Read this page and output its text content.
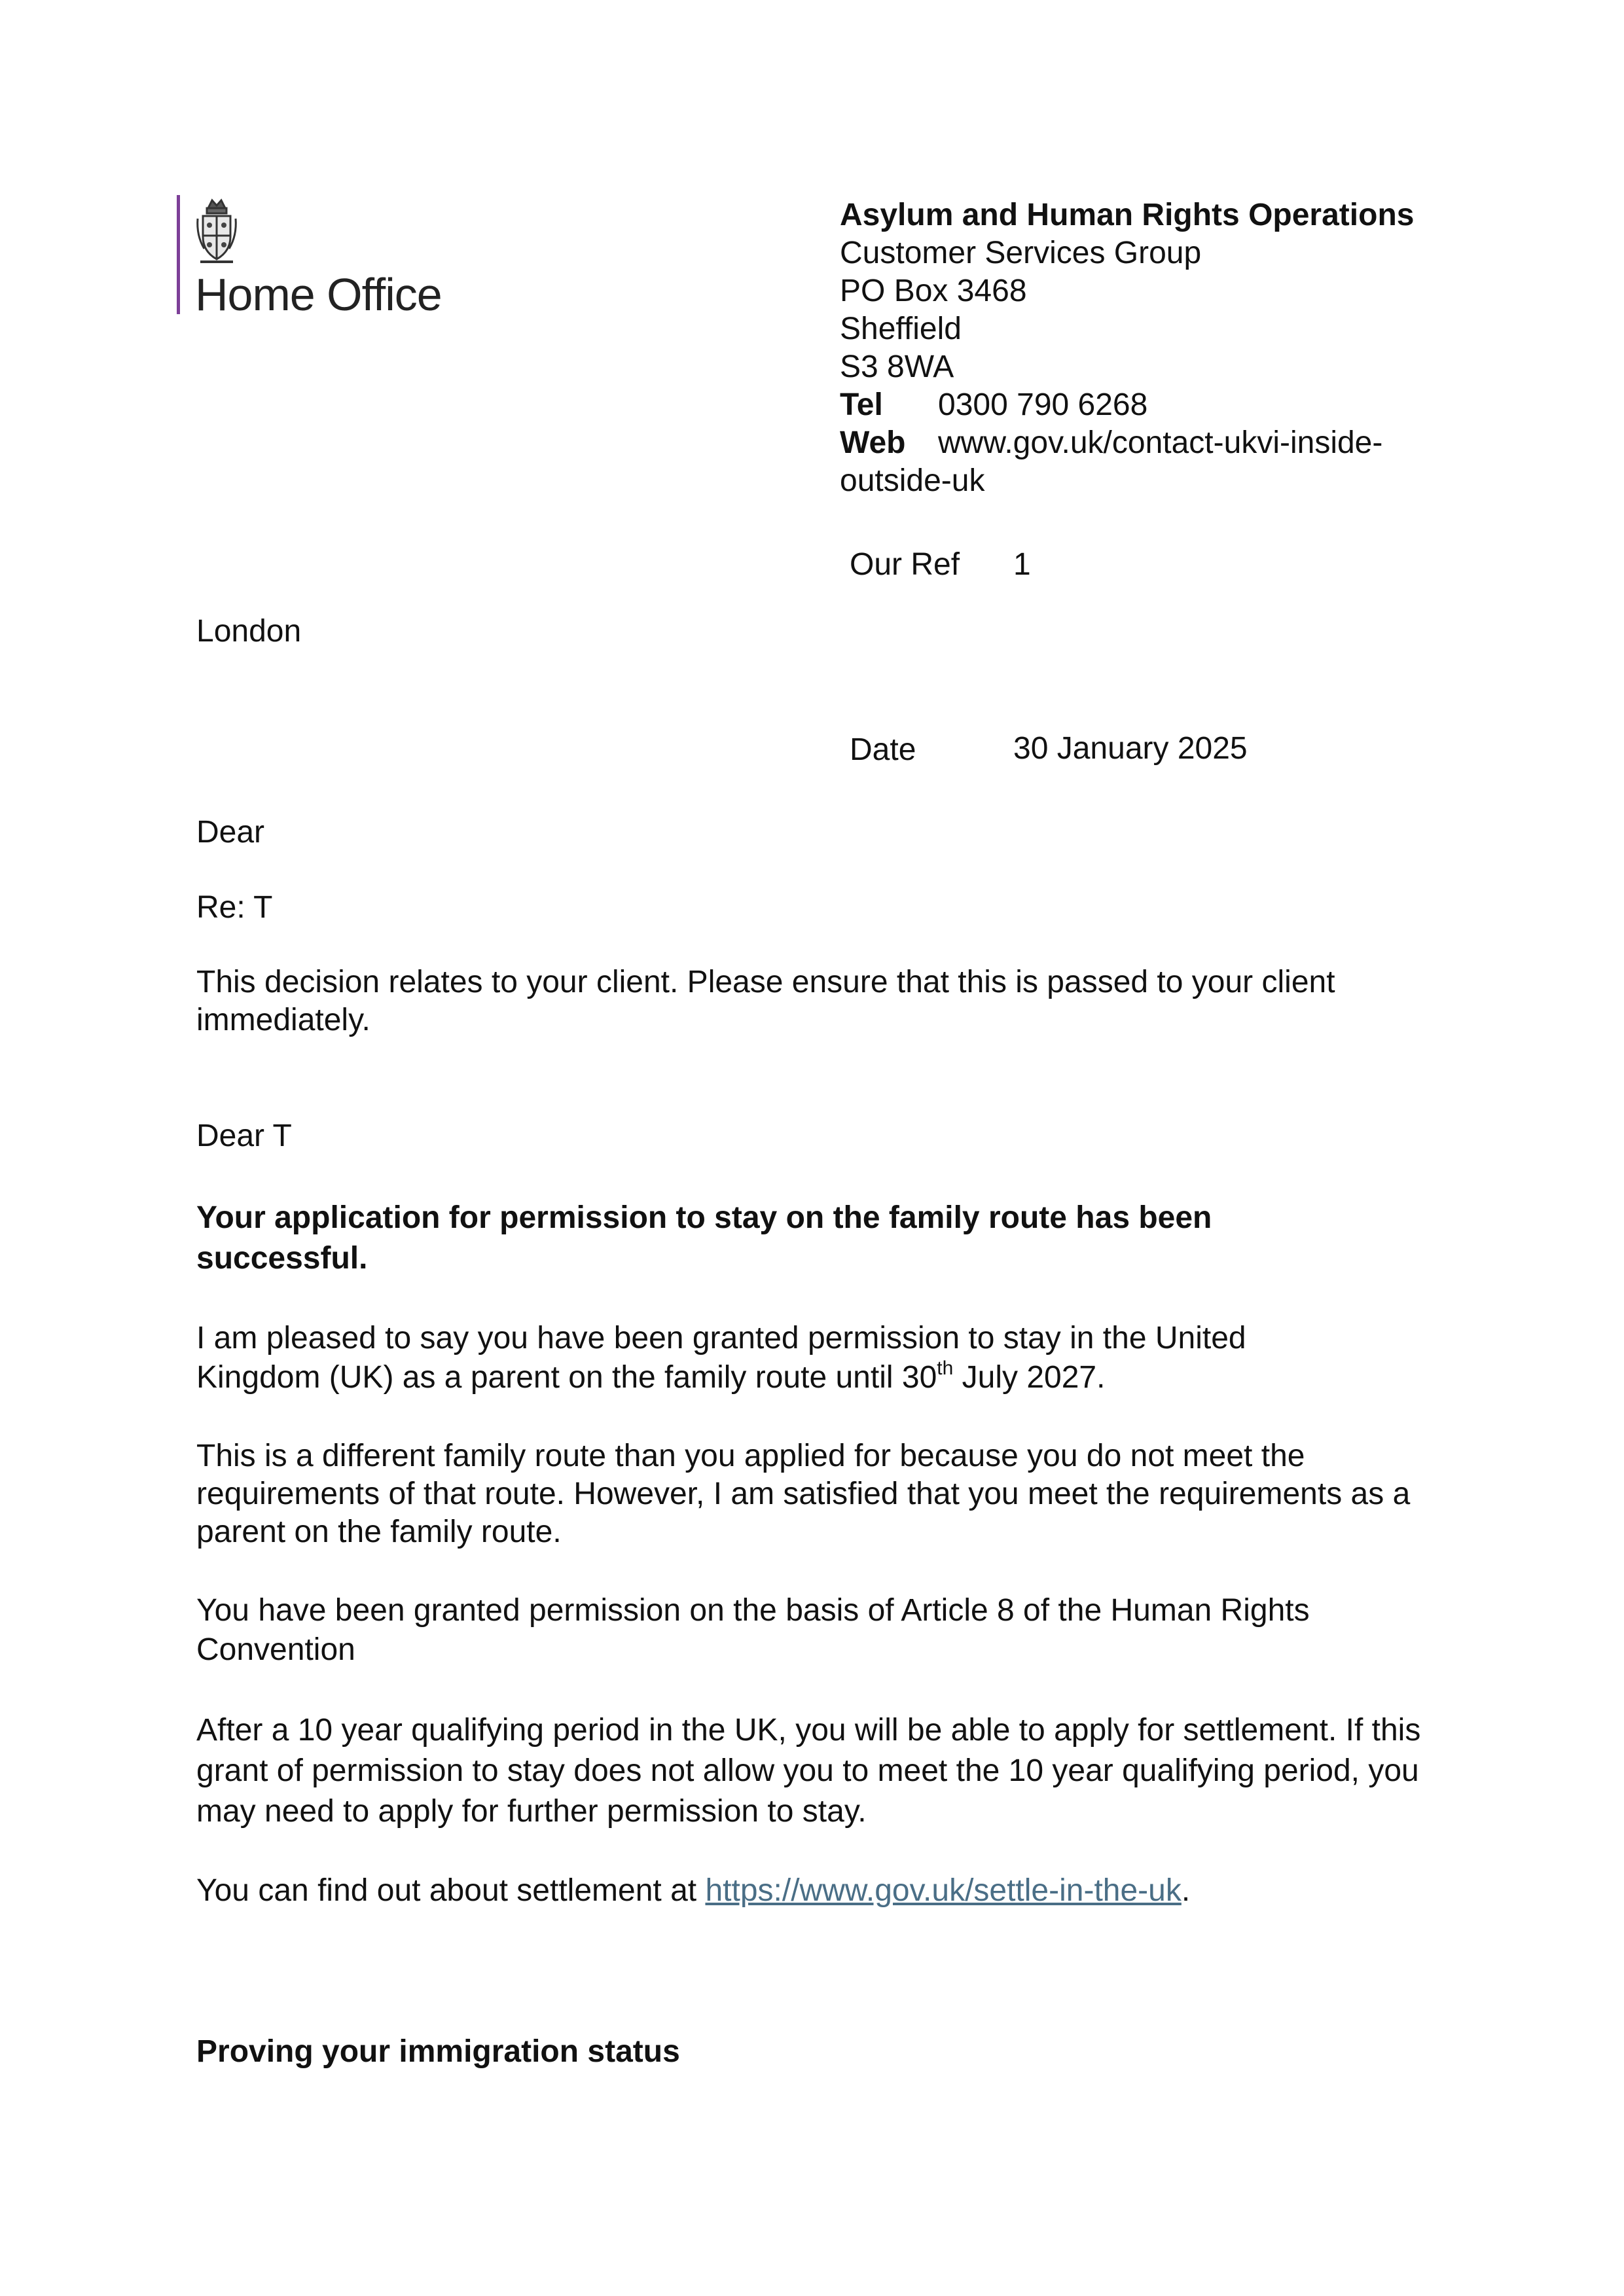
Home Office
Asylum and Human Rights Operations
Customer Services Group
PO Box 3468
Sheffield
S3 8WA
Tel	0300 790 6268
Web	www.gov.uk/contact-ukvi-inside-
outside-uk
Our Ref 1
London
Date	30 January 2025
Dear
Re: T
This decision relates to your client. Please ensure that this is passed to your client immediately.
Dear T
Your application for permission to stay on the family route has been successful.
I am pleased to say you have been granted permission to stay in the United Kingdom (UK) as a parent on the family route until 30th July 2027.
This is a different family route than you applied for because you do not meet the requirements of that route. However, I am satisfied that you meet the requirements as a parent on the family route.
You have been granted permission on the basis of Article 8 of the Human Rights Convention
After a 10 year qualifying period in the UK, you will be able to apply for settlement. If this grant of permission to stay does not allow you to meet the 10 year qualifying period, you may need to apply for further permission to stay.
You can find out about settlement at https://www.gov.uk/settle-in-the-uk.
Proving your immigration status
